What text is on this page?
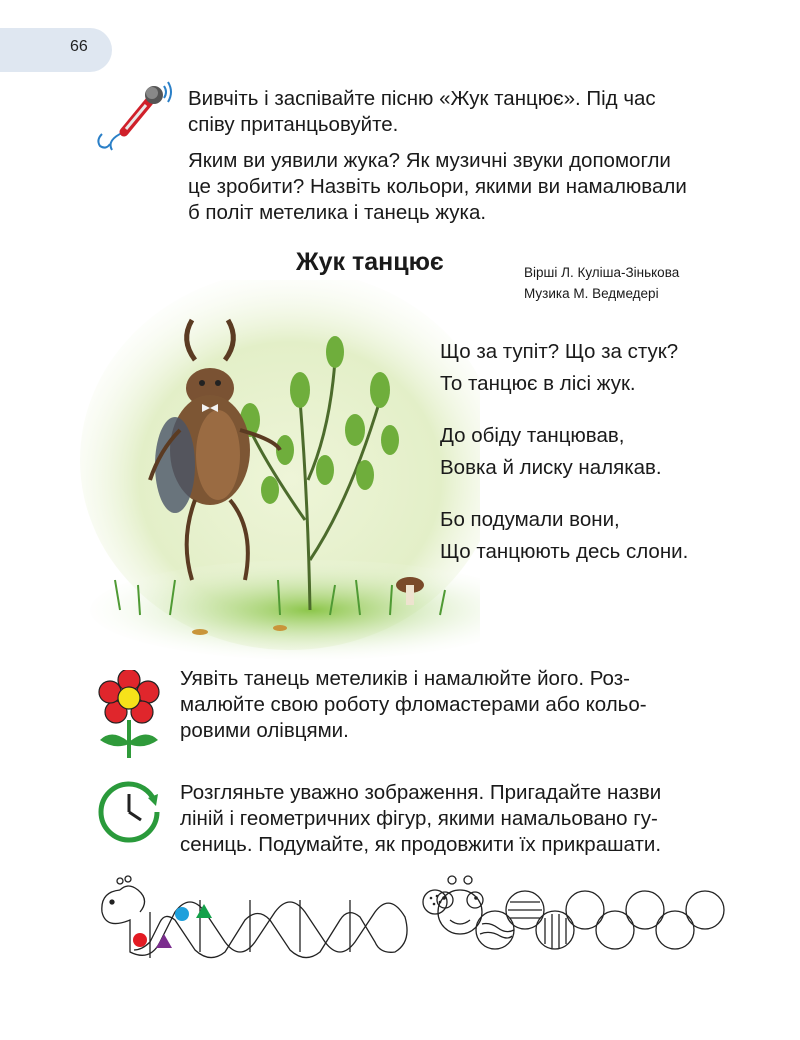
66
Вивчіть і заспівайте пісню «Жук танцює». Під час
співу пританцьовуйте.
Яким ви уявили жука? Як музичні звуки допомогли
це зробити? Назвіть кольори, якими ви намалювали
б політ метелика і танець жука.
Жук танцює	Вірші Л. Куліша-Зінькова
Музика М. Ведмедері
Що за тупіт? Що за стук?
То танцює в лісі жук.
До обіду танцював,
Вовка й лиску налякав.
Бо подумали вони,
Що танцюють десь слони.
Уявіть танець метеликів і намалюйте його. Роз-
малюйте свою роботу фломастерами або кольо-
ровими олівцями.
Розгляньте уважно зображення. Пригадайте назви
ліній і геометричних фігур, якими намальовано гу-
сениць. Подумайте, як продовжити їх прикрашати.
